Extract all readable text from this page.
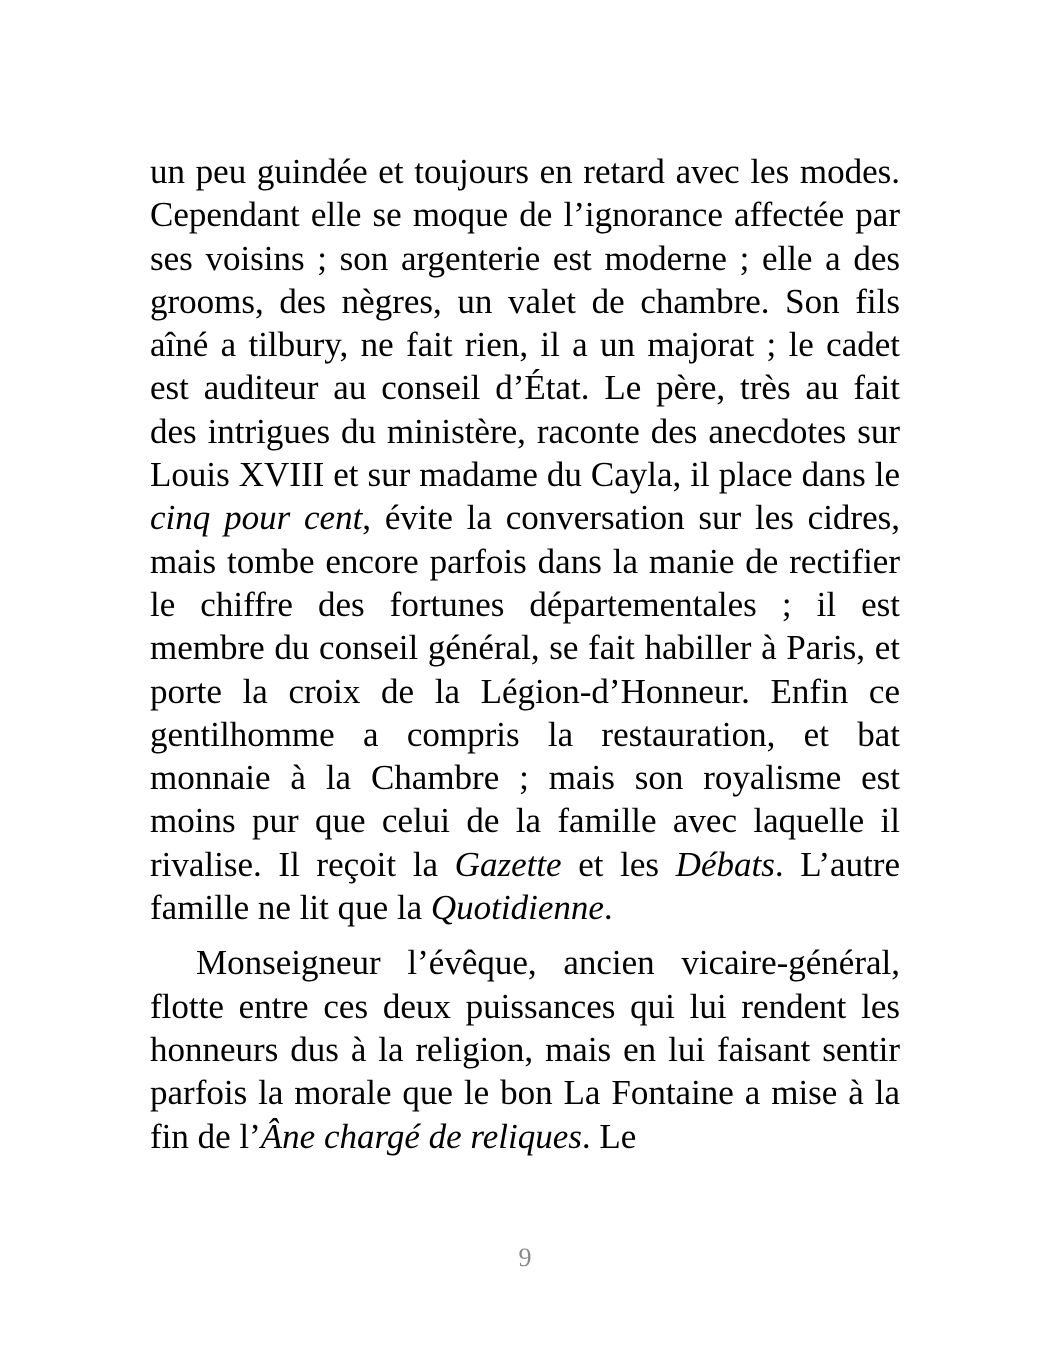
un peu guindée et toujours en retard avec les modes. Cependant elle se moque de l’ignorance affectée par ses voisins ; son argenterie est moderne ; elle a des grooms, des nègres, un valet de chambre. Son fils aîné a tilbury, ne fait rien, il a un majorat ; le cadet est auditeur au conseil d’État. Le père, très au fait des intrigues du ministère, raconte des anecdotes sur Louis XVIII et sur madame du Cayla, il place dans le cinq pour cent, évite la conversation sur les cidres, mais tombe encore parfois dans la manie de rectifier le chiffre des fortunes départementales ; il est membre du conseil général, se fait habiller à Paris, et porte la croix de la Légion-d’Honneur. Enfin ce gentilhomme a compris la restauration, et bat monnaie à la Chambre ; mais son royalisme est moins pur que celui de la famille avec laquelle il rivalise. Il reçoit la Gazette et les Débats. L’autre famille ne lit que la Quotidienne.

Monseigneur l’évêque, ancien vicaire-général, flotte entre ces deux puissances qui lui rendent les honneurs dus à la religion, mais en lui faisant sentir parfois la morale que le bon La Fontaine a mise à la fin de l’Âne chargé de reliques. Le

9
